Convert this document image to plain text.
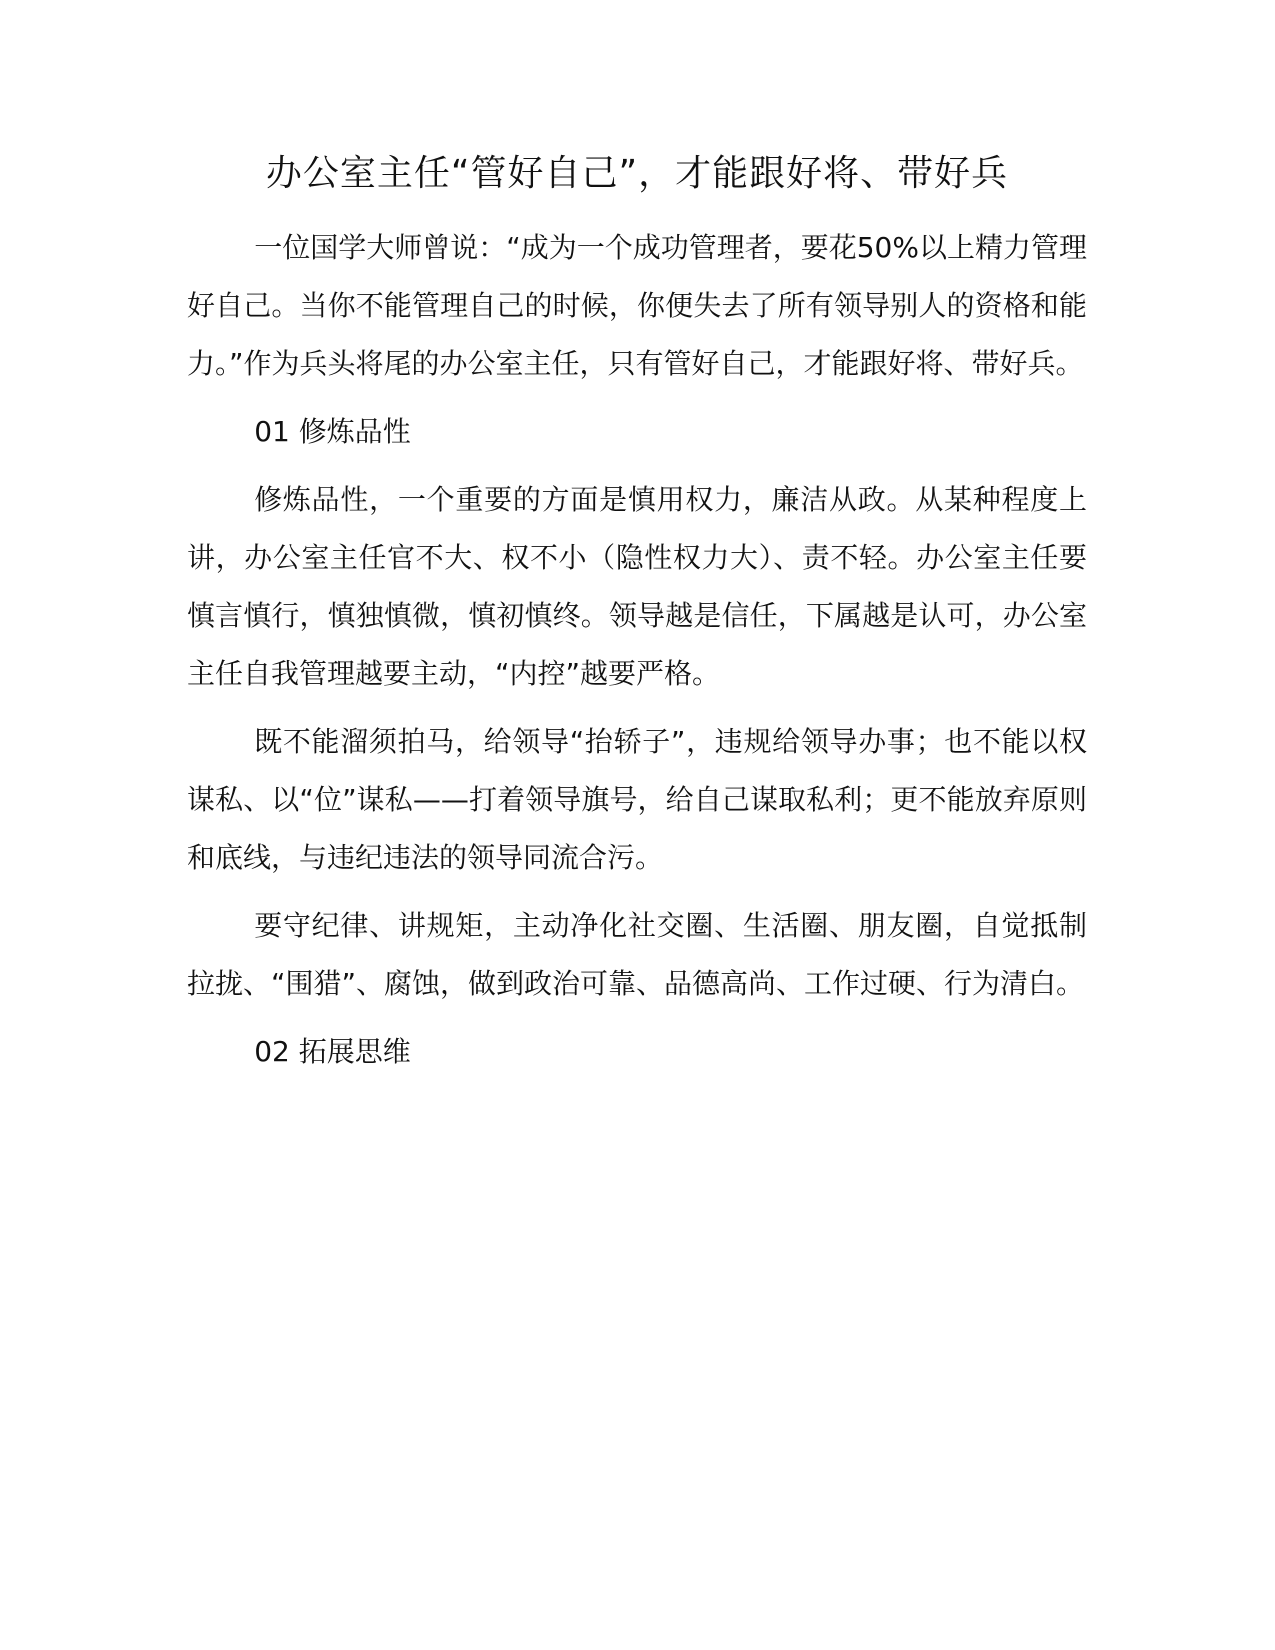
办公室主任“管好自己”，才能跟好将、带好兵

一位国学大师曾说：“成为一个成功管理者，要花50%以上精力管理好自己。当你不能管理自己的时候，你便失去了所有领导别人的资格和能力。”作为兵头将尾的办公室主任，只有管好自己，才能跟好将、带好兵。

01 修炼品性

修炼品性，一个重要的方面是慎用权力，廉洁从政。从某种程度上讲，办公室主任官不大、权不小（隐性权力大）、责不轻。办公室主任要慎言慎行，慎独慎微，慎初慎终。领导越是信任，下属越是认可，办公室主任自我管理越要主动，“内控”越要严格。

既不能溜须拍马，给领导“抬轿子”，违规给领导办事；也不能以权谋私、以“位”谋私——打着领导旗号，给自己谋取私利；更不能放弃原则和底线，与违纪违法的领导同流合污。

要守纪律、讲规矩，主动净化社交圈、生活圈、朋友圈，自觉抵制拉拢、“围猎”、腐蚀，做到政治可靠、品德高尚、工作过硬、行为清白。

02 拓展思维
